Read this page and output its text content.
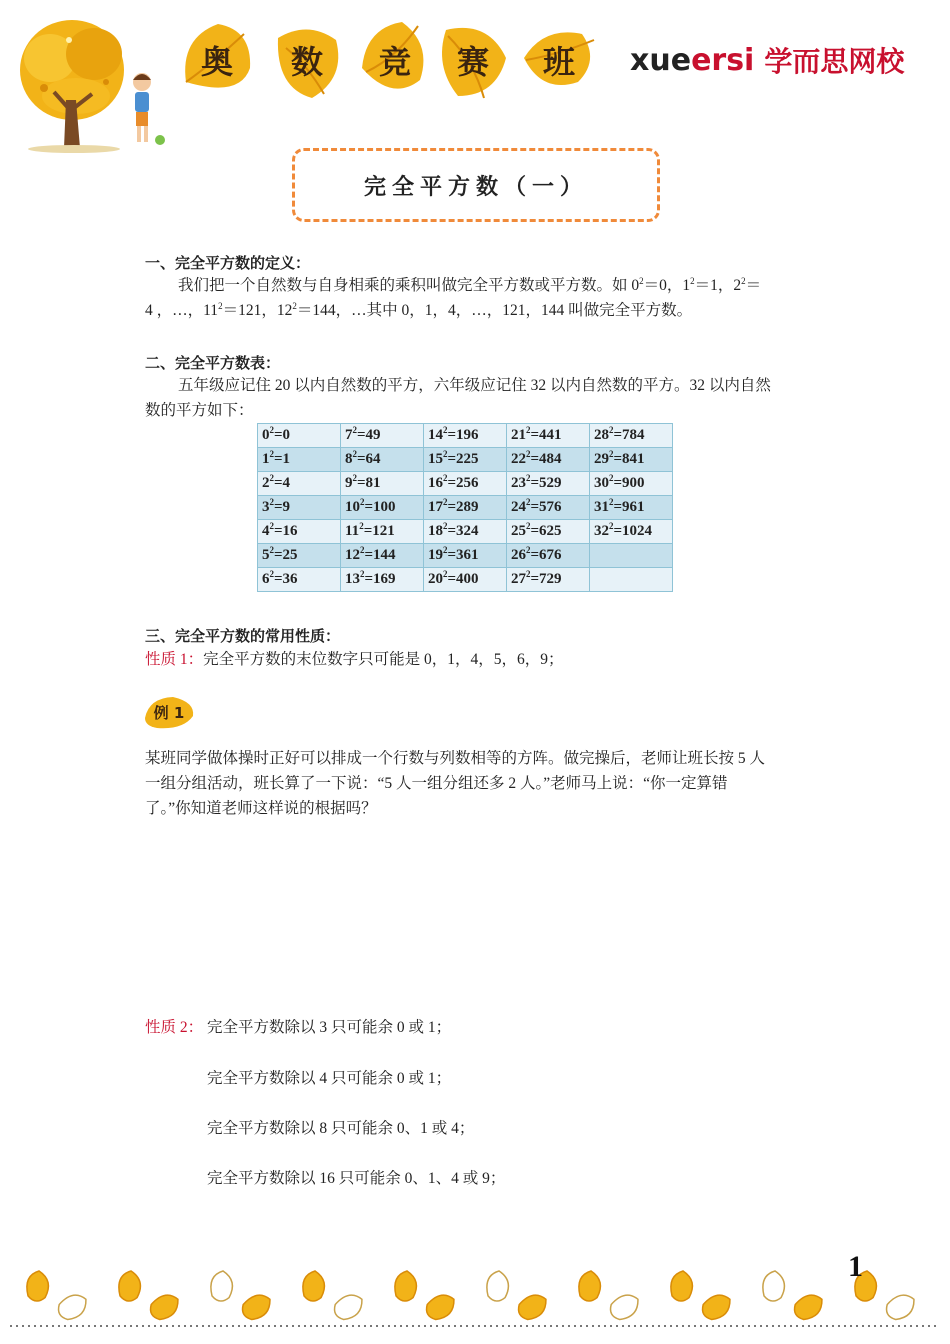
奥	数	竞	赛	班	xue ersi 学而思网校
完全平方数（一）
一、完全平方数的定义：
我们把一个自然数与自身相乘的乘积叫做完全平方数或平方数。如 $0^2=0$，$1^2=1$，$2^2=$
4 ，…，$11^2=121$，$12^2=144$，…其中 0，1，4，…，121，144 叫做完全平方数。
二、完全平方数表：
五年级应记住 20 以内自然数的平方，六年级应记住 32 以内自然数的平方。32 以内自然
数的平方如下：
$0^2=0$	$7^2=49$	$14^2=196$	$21^2=441$	$28^2=784$
$1^2=1$	$8^2=64$	$15^2=225$	$22^2=484$	$29^2=841$
$2^2=4$	$9^2=81$	$16^2=256$	$23^2=529$	$30^2=900$
$3^2=9$	$10^2=100$	$17^2=289$	$24^2=576$	$31^2=961$
$4^2=16$	$11^2=121$	$18^2=324$	$25^2=625$	$32^2=1024$
$5^2=25$	$12^2=144$	$19^2=361$	$26^2=676$	
$6^2=36$	$13^2=169$	$20^2=400$	$27^2=729$	
三、完全平方数的常用性质：
性质 1：完全平方数的末位数字只可能是 0，1，4，5，6，9；
例 1
某班同学做体操时正好可以排成一个行数与列数相等的方阵。做完操后，老师让班长按 5 人
一组分组活动，班长算了一下说：“5 人一组分组还多 2 人。”老师马上说：“你一定算错
了。”你知道老师这样说的根据吗？
性质 2： 完全平方数除以 3 只可能余 0 或 1；
完全平方数除以 4 只可能余 0 或 1；
完全平方数除以 8 只可能余 0、1 或 4；
完全平方数除以 16 只可能余 0、1、4 或 9；
1
